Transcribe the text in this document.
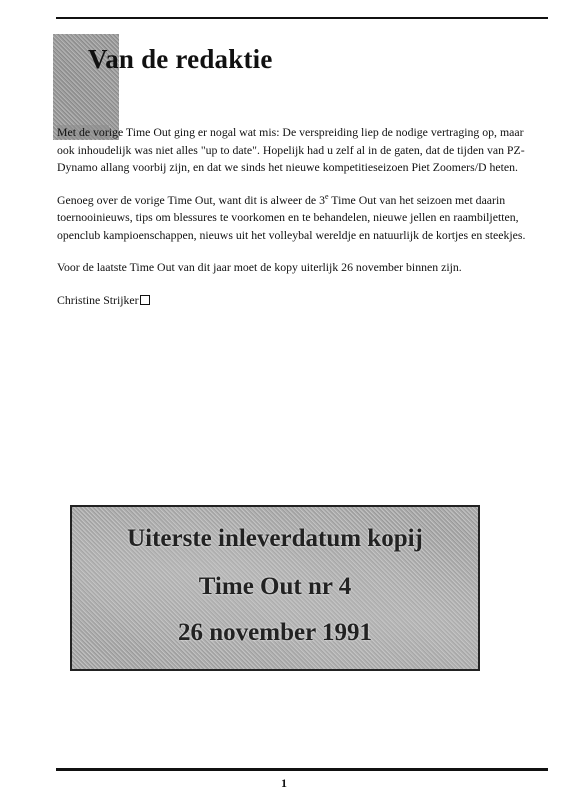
Van de redaktie

Met de vorige Time Out ging er nogal wat mis: De verspreiding liep de nodige vertraging op, maar ook inhoudelijk was niet alles "up to date". Hopelijk had u zelf al in de gaten, dat de tijden van PZ-Dynamo allang voorbij zijn, en dat we sinds het nieuwe kompetitieseizoen Piet Zoomers/D heten.

Genoeg over de vorige Time Out, want dit is alweer de 3e Time Out van het seizoen met daarin toernooinieuws, tips om blessures te voorkomen en te behandelen, nieuwe jellen en raambiljetten, openclub kampioenschappen, nieuws uit het volleybal wereldje en natuurlijk de kortjes en steekjes.

Voor de laatste Time Out van dit jaar moet de kopy uiterlijk 26 november binnen zijn.

Christine Strijker

Uiterste inleverdatum kopij
Time Out nr 4
26 november 1991
1
